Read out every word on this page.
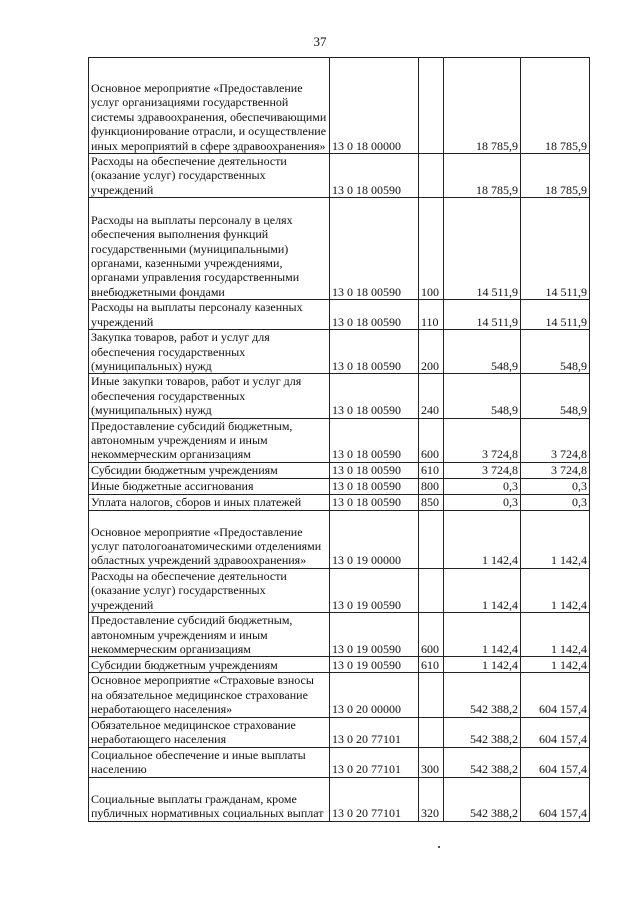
37
Основное мероприятие «Предоставление услуг организациями государственной системы здравоохранения, обеспечивающими функционирование отрасли, и осуществление иных мероприятий в сфере здравоохранения»	13 0 18 00000		18 785,9	18 785,9
Расходы на обеспечение деятельности (оказание услуг) государственных учреждений	13 0 18 00590		18 785,9	18 785,9
Расходы на выплаты персоналу в целях обеспечения выполнения функций государственными (муниципальными) органами, казенными учреждениями, органами управления государственными внебюджетными фондами	13 0 18 00590	100	14 511,9	14 511,9
Расходы на выплаты персоналу казенных учреждений	13 0 18 00590	110	14 511,9	14 511,9
Закупка товаров, работ и услуг для обеспечения государственных (муниципальных) нужд	13 0 18 00590	200	548,9	548,9
Иные закупки товаров, работ и услуг для обеспечения государственных (муниципальных) нужд	13 0 18 00590	240	548,9	548,9
Предоставление субсидий бюджетным, автономным учреждениям и иным некоммерческим организациям	13 0 18 00590	600	3 724,8	3 724,8
Субсидии бюджетным учреждениям	13 0 18 00590	610	3 724,8	3 724,8
Иные бюджетные ассигнования	13 0 18 00590	800	0,3	0,3
Уплата налогов, сборов и иных платежей	13 0 18 00590	850	0,3	0,3
Основное мероприятие «Предоставление услуг патологоанатомическими отделениями областных учреждений здравоохранения»	13 0 19 00000		1 142,4	1 142,4
Расходы на обеспечение деятельности (оказание услуг) государственных учреждений	13 0 19 00590		1 142,4	1 142,4
Предоставление субсидий бюджетным, автономным учреждениям и иным некоммерческим организациям	13 0 19 00590	600	1 142,4	1 142,4
Субсидии бюджетным учреждениям	13 0 19 00590	610	1 142,4	1 142,4
Основное мероприятие «Страховые взносы на обязательное медицинское страхование неработающего населения»	13 0 20 00000		542 388,2	604 157,4
Обязательное медицинское страхование неработающего населения	13 0 20 77101		542 388,2	604 157,4
Социальное обеспечение и иные выплаты населению	13 0 20 77101	300	542 388,2	604 157,4
Социальные выплаты гражданам, кроме публичных нормативных социальных выплат	13 0 20 77101	320	542 388,2	604 157,4
